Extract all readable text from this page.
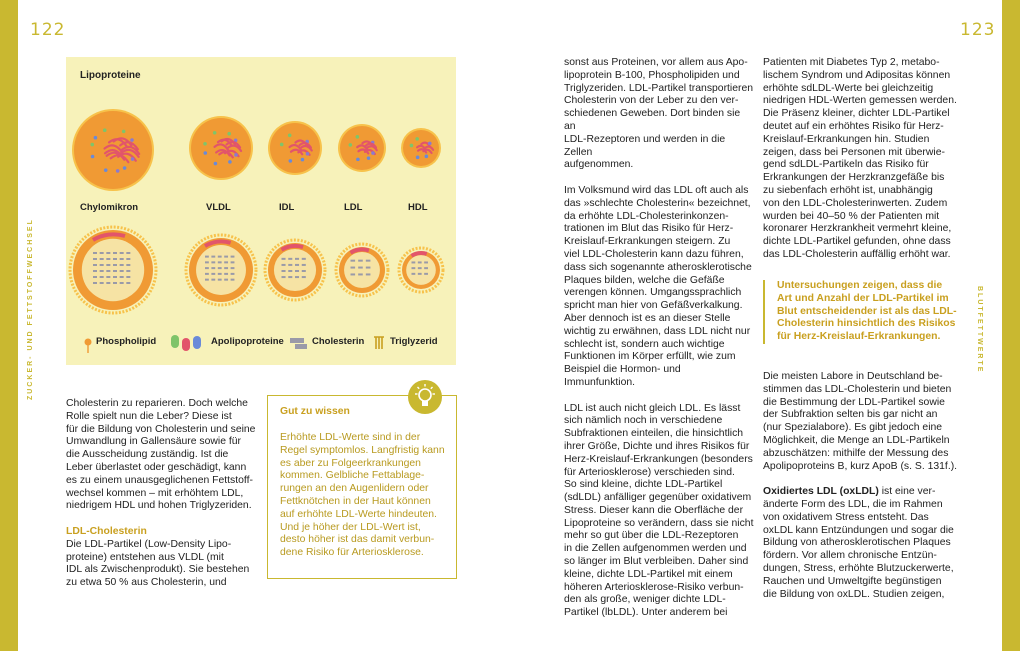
122	123
ZUCKER- UND FETTSTOFFWECHSEL	BLUTFETTWERTE
Lipoproteine
Chylomikron	VLDL	IDL	LDL	HDL
Phospholipid	Apolipoproteine	Cholesterin	Triglyzerid
Cholesterin zu reparieren. Doch welche
Rolle spielt nun die Leber? Diese ist
für die Bildung von Cholesterin und seine
Umwandlung in Gallensäure sowie für
die Ausscheidung zuständig. Ist die
Leber überlastet oder geschädigt, kann
es zu einem unausgeglichenen Fettstoff-
wechsel kommen – mit erhöhtem LDL,
niedrigem HDL und hohen Triglyzeriden.

LDL-Cholesterin

Die LDL-Partikel (Low-Density Lipo-
proteine) entstehen aus VLDL (mit
IDL als Zwischenprodukt). Sie bestehen
zu etwa 50 % aus Cholesterin, und
Gut zu wissen
Erhöhte LDL-Werte sind in der
Regel symptomlos. Langfristig kann
es aber zu Folgeerkrankungen
kommen. Gelbliche Fettablage-
rungen an den Augenlidern oder
Fettknötchen in der Haut können
auf erhöhte LDL-Werte hindeuten.
Und je höher der LDL-Wert ist,
desto höher ist das damit verbun-
dene Risiko für Arteriosklerose.
sonst aus Proteinen, vor allem aus Apo-
lipoprotein B-100, Phospholipiden und
Triglyzeriden. LDL-Partikel transportieren
Cholesterin von der Leber zu den ver-
schiedenen Geweben. Dort binden sie an
LDL-Rezeptoren und werden in die Zellen
aufgenommen.
Im Volksmund wird das LDL oft auch als
das »schlechte Cholesterin« bezeichnet,
da erhöhte LDL-Cholesterinkonzen-
trationen im Blut das Risiko für Herz-
Kreislauf-Erkrankungen steigern. Zu
viel LDL-Cholesterin kann dazu führen,
dass sich sogenannte atherosklerotische
Plaques bilden, welche die Gefäße
verengen können. Umgangssprachlich
spricht man hier von Gefäßverkalkung.
Aber dennoch ist es an dieser Stelle
wichtig zu erwähnen, dass LDL nicht nur
schlecht ist, sondern auch wichtige
Funktionen im Körper erfüllt, wie zum
Beispiel die Hormon- und Immunfunktion.
LDL ist auch nicht gleich LDL. Es lässt
sich nämlich noch in verschiedene
Subfraktionen einteilen, die hinsichtlich
ihrer Größe, Dichte und ihres Risikos für
Herz-Kreislauf-Erkrankungen (besonders
für Arteriosklerose) verschieden sind.
So sind kleine, dichte LDL-Partikel
(sdLDL) anfälliger gegenüber oxidativem
Stress. Dieser kann die Oberfläche der
Lipoproteine so verändern, dass sie nicht
mehr so gut über die LDL-Rezeptoren
in die Zellen aufgenommen werden und
so länger im Blut verbleiben. Daher sind
kleine, dichte LDL-Partikel mit einem
höheren Arteriosklerose-Risiko verbun-
den als große, weniger dichte LDL-
Partikel (lbLDL). Unter anderem bei
Patienten mit Diabetes Typ 2, metabo-
lischem Syndrom und Adipositas können
erhöhte sdLDL-Werte bei gleichzeitig
niedrigen HDL-Werten gemessen werden.
Die Präsenz kleiner, dichter LDL-Partikel
deutet auf ein erhöhtes Risiko für Herz-
Kreislauf-Erkrankungen hin. Studien
zeigen, dass bei Personen mit überwie-
gend sdLDL-Partikeln das Risiko für
Erkrankungen der Herzkranzgefäße bis
zu siebenfach erhöht ist, unabhängig
von den LDL-Cholesterinwerten. Zudem
wurden bei 40–50 % der Patienten mit
koronarer Herzkrankheit vermehrt kleine,
dichte LDL-Partikel gefunden, ohne dass
das LDL-Cholesterin auffällig erhöht war.
Untersuchungen zeigen, dass die
Art und Anzahl der LDL-Partikel im
Blut entscheidender ist als das LDL-
Cholesterin hinsichtlich des Risikos
für Herz-Kreislauf-Erkrankungen.
Die meisten Labore in Deutschland be-
stimmen das LDL-Cholesterin und bieten
die Bestimmung der LDL-Partikel sowie
der Subfraktion selten bis gar nicht an
(nur Spezialabore). Es gibt jedoch eine
Möglichkeit, die Menge an LDL-Partikeln
abzuschätzen: mithilfe der Messung des
Apolipoproteins B, kurz ApoB (s. S. 131f.).

Oxidiertes LDL (oxLDL) ist eine ver-

änderte Form des LDL, die im Rahmen
von oxidativem Stress entsteht. Das
oxLDL kann Entzündungen und sogar die
Bildung von atherosklerotischen Plaques
fördern. Vor allem chronische Entzün-
dungen, Stress, erhöhte Blutzuckerwerte,
Rauchen und Umweltgifte begünstigen
die Bildung von oxLDL. Studien zeigen,
